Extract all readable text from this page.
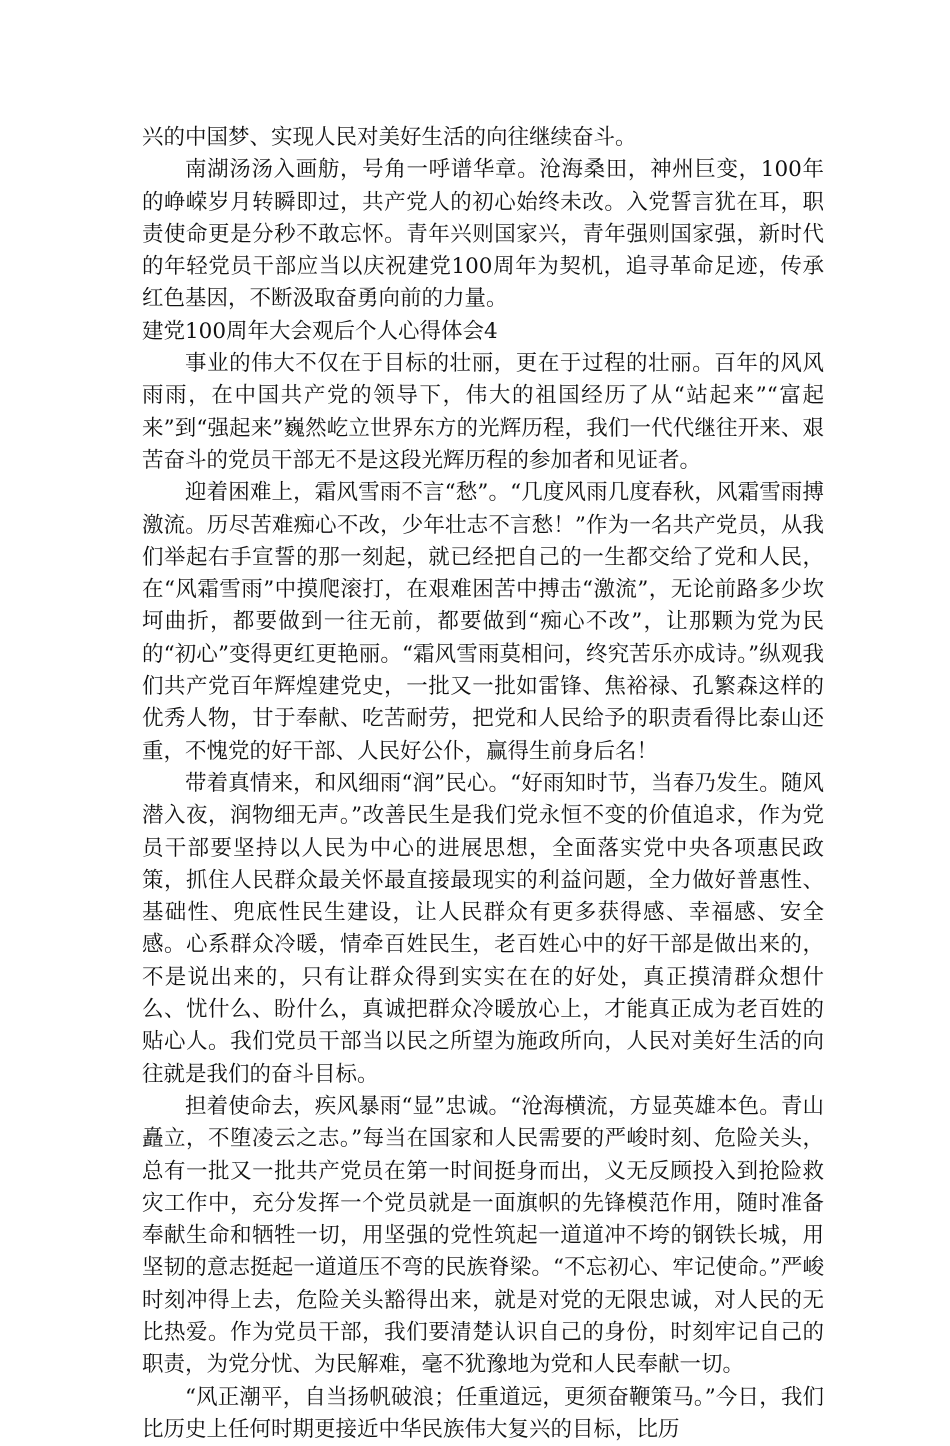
兴的中国梦、实现人民对美好生活的向往继续奋斗。

南湖汤汤入画舫，号角一呼谱华章。沧海桑田，神州巨变，100年的峥嵘岁月转瞬即过，共产党人的初心始终未改。入党誓言犹在耳，职责使命更是分秒不敢忘怀。青年兴则国家兴，青年强则国家强，新时代的年轻党员干部应当以庆祝建党100周年为契机，追寻革命足迹，传承红色基因，不断汲取奋勇向前的力量。

建党100周年大会观后个人心得体会4

事业的伟大不仅在于目标的壮丽，更在于过程的壮丽。百年的风风雨雨，在中国共产党的领导下，伟大的祖国经历了从“站起来”“富起来”到“强起来”巍然屹立世界东方的光辉历程，我们一代代继往开来、艰苦奋斗的党员干部无不是这段光辉历程的参加者和见证者。

迎着困难上，霜风雪雨不言“愁”。“几度风雨几度春秋，风霜雪雨搏激流。历尽苦难痴心不改，少年壮志不言愁！”作为一名共产党员，从我们举起右手宣誓的那一刻起，就已经把自己的一生都交给了党和人民，在“风霜雪雨”中摸爬滚打，在艰难困苦中搏击“激流”，无论前路多少坎坷曲折，都要做到一往无前，都要做到“痴心不改”，让那颗为党为民的“初心”变得更红更艳丽。“霜风雪雨莫相问，终究苦乐亦成诗。”纵观我们共产党百年辉煌建党史，一批又一批如雷锋、焦裕禄、孔繁森这样的优秀人物，甘于奉献、吃苦耐劳，把党和人民给予的职责看得比泰山还重，不愧党的好干部、人民好公仆，赢得生前身后名！

带着真情来，和风细雨“润”民心。“好雨知时节，当春乃发生。随风潜入夜，润物细无声。”改善民生是我们党永恒不变的价值追求，作为党员干部要坚持以人民为中心的进展思想，全面落实党中央各项惠民政策，抓住人民群众最关怀最直接最现实的利益问题，全力做好普惠性、基础性、兜底性民生建设，让人民群众有更多获得感、幸福感、安全感。心系群众冷暖，情牵百姓民生，老百姓心中的好干部是做出来的，不是说出来的，只有让群众得到实实在在的好处，真正摸清群众想什么、忧什么、盼什么，真诚把群众冷暖放心上，才能真正成为老百姓的贴心人。我们党员干部当以民之所望为施政所向，人民对美好生活的向往就是我们的奋斗目标。

担着使命去，疾风暴雨“显”忠诚。“沧海横流，方显英雄本色。青山矗立，不堕凌云之志。”每当在国家和人民需要的严峻时刻、危险关头，总有一批又一批共产党员在第一时间挺身而出，义无反顾投入到抢险救灾工作中，充分发挥一个党员就是一面旗帜的先锋模范作用，随时准备奉献生命和牺牲一切，用坚强的党性筑起一道道冲不垮的钢铁长城，用坚韧的意志挺起一道道压不弯的民族脊梁。“不忘初心、牢记使命。”严峻时刻冲得上去，危险关头豁得出来，就是对党的无限忠诚，对人民的无比热爱。作为党员干部，我们要清楚认识自己的身份，时刻牢记自己的职责，为党分忧、为民解难，毫不犹豫地为党和人民奉献一切。

“风正潮平，自当扬帆破浪；任重道远，更须奋鞭策马。”今日，我们比历史上任何时期更接近中华民族伟大复兴的目标，比历
